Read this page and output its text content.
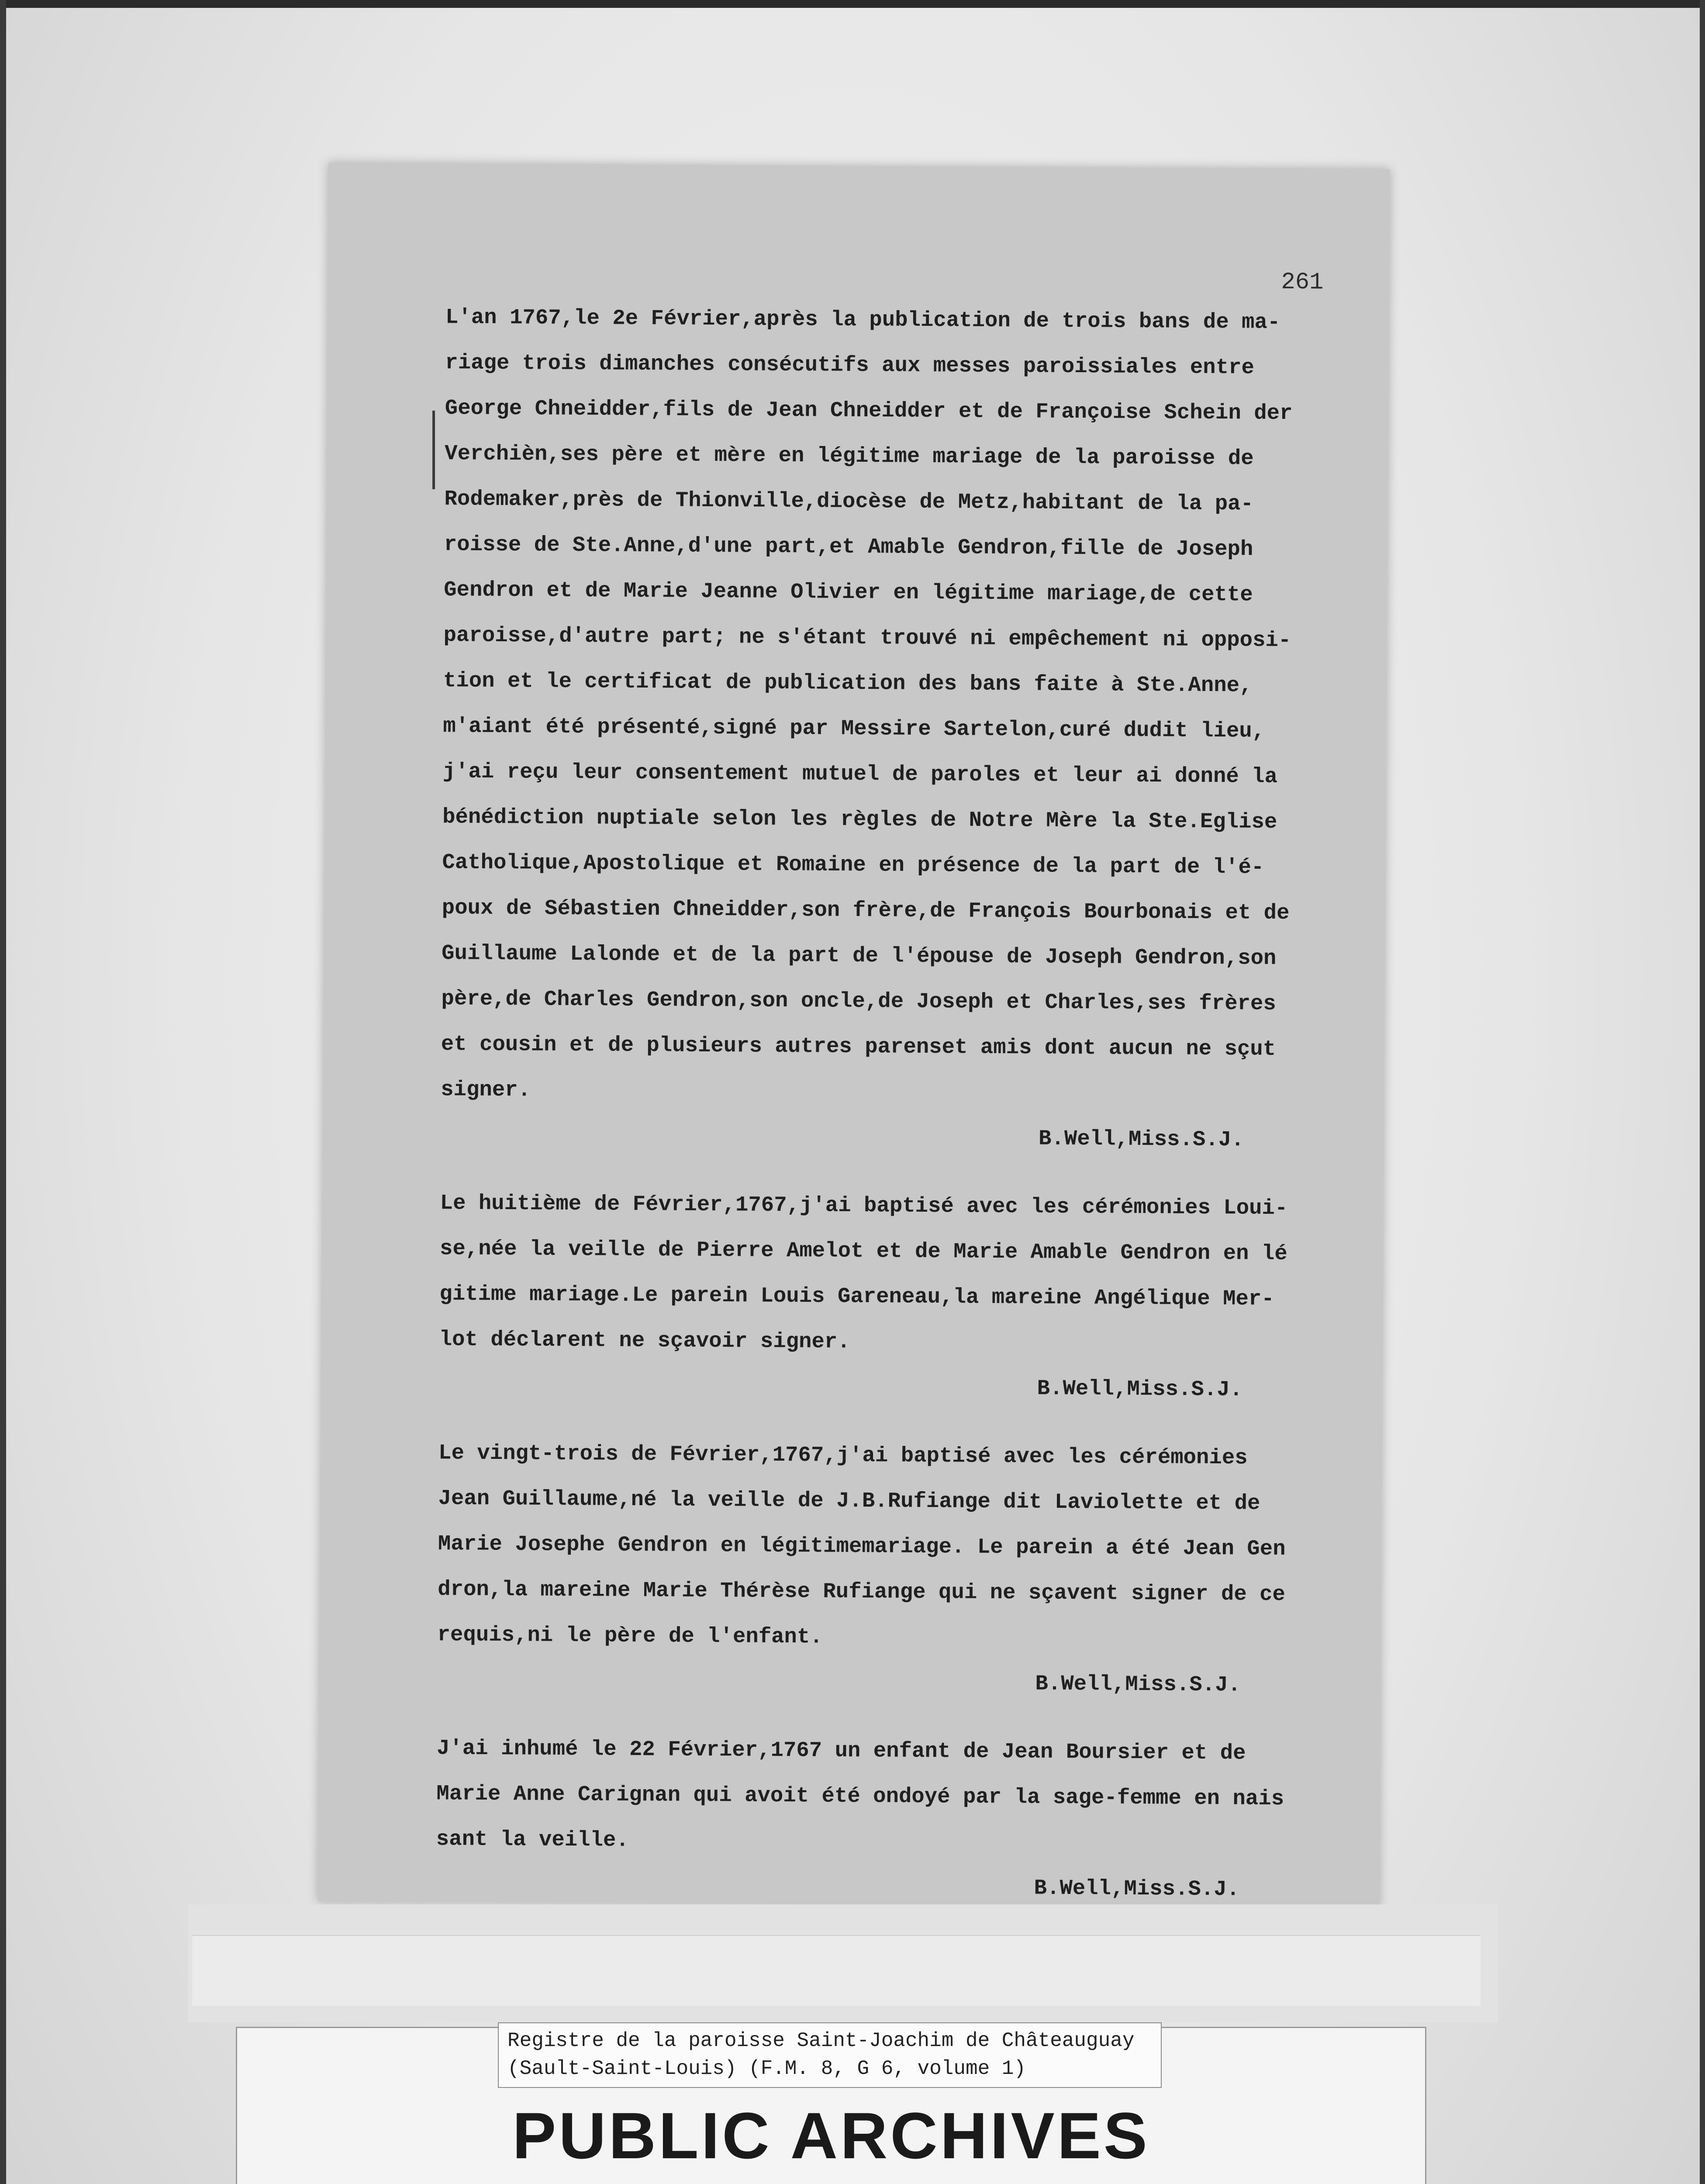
261
L'an 1767,le 2e Février,après la publication de trois bans de ma-
riage trois dimanches consécutifs aux messes paroissiales entre
George Chneidder,fils de Jean Chneidder et de Françoise Schein der
Verchièn,ses père et mère en légitime mariage de la paroisse de
Rodemaker,près de Thionville,diocèse de Metz,habitant de la pa-
roisse de Ste.Anne,d'une part,et Amable Gendron,fille de Joseph
Gendron et de Marie Jeanne Olivier en légitime mariage,de cette
paroisse,d'autre part; ne s'étant trouvé ni empêchement ni opposi-
tion et le certificat de publication des bans faite à Ste.Anne,
m'aiant été présenté,signé par Messire Sartelon,curé dudit lieu,
j'ai reçu leur consentement mutuel de paroles et leur ai donné la
bénédiction nuptiale selon les règles de Notre Mère la Ste.Eglise
Catholique,Apostolique et Romaine en présence de la part de l'é-
poux de Sébastien Chneidder,son frère,de François Bourbonais et de
Guillaume Lalonde et de la part de l'épouse de Joseph Gendron,son
père,de Charles Gendron,son oncle,de Joseph et Charles,ses frères
et cousin et de plusieurs autres parenset amis dont aucun ne sçut
signer.
B.Well,Miss.S.J.
Le huitième de Février,1767,j'ai baptisé avec les cérémonies Loui-
se,née la veille de Pierre Amelot et de Marie Amable Gendron en lé
gitime mariage.Le parein Louis Gareneau,la mareine Angélique Mer-
lot déclarent ne sçavoir signer.
B.Well,Miss.S.J.
Le vingt-trois de Février,1767,j'ai baptisé avec les cérémonies
Jean Guillaume,né la veille de J.B.Rufiange dit Laviolette et de
Marie Josephe Gendron en légitimemariage. Le parein a été Jean Gen
dron,la mareine Marie Thérèse Rufiange qui ne sçavent signer de ce
requis,ni le père de l'enfant.
B.Well,Miss.S.J.
J'ai inhumé le 22 Février,1767 un enfant de Jean Boursier et de
Marie Anne Carignan qui avoit été ondoyé par la sage-femme en nais
sant la veille.
B.Well,Miss.S.J.
PUBLIC ARCHIVES
Registre de la paroisse Saint-Joachim de Châteauguay
(Sault-Saint-Louis) (F.M. 8, G 6, volume 1)
